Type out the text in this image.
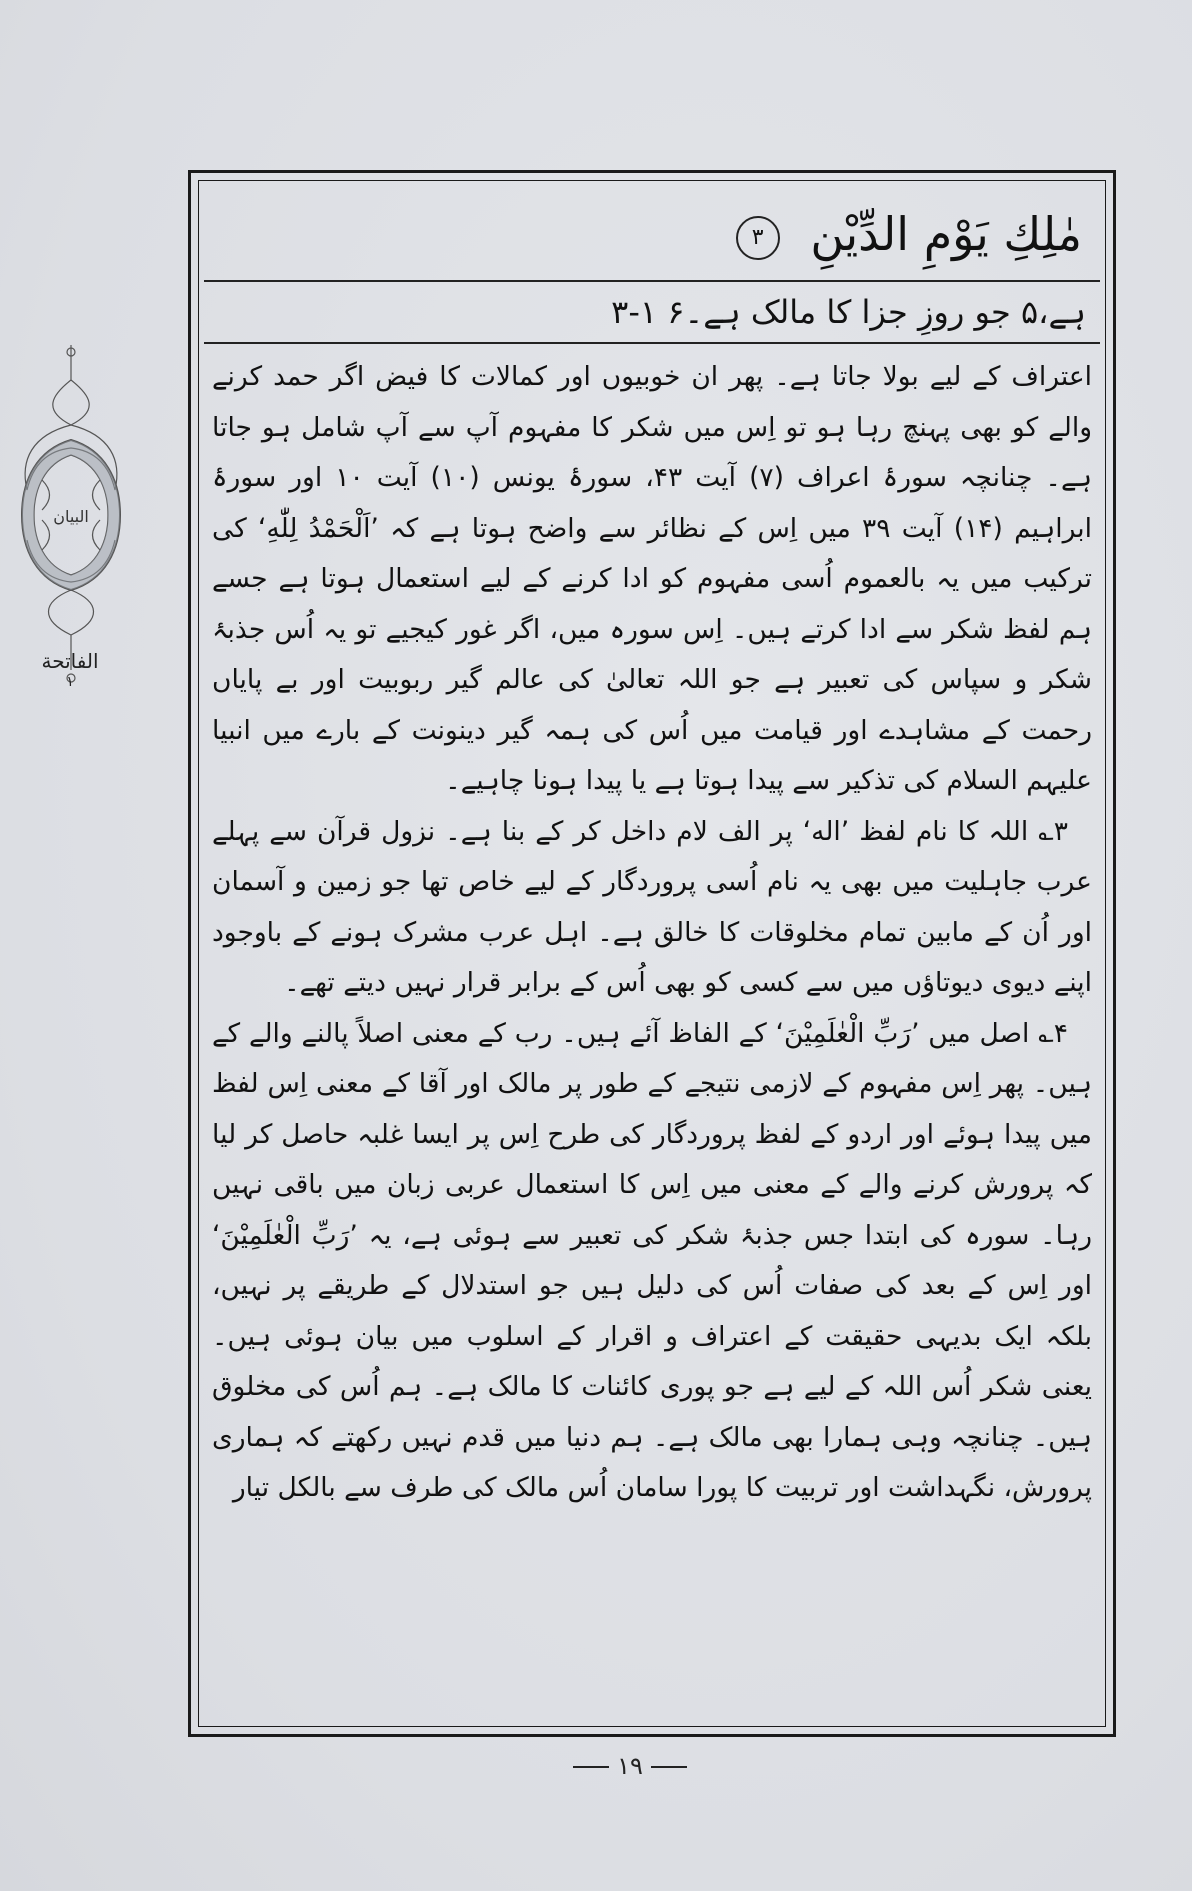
البیان
الفاتحة
١
مٰلِكِ يَوْمِ الدِّيْنِ ۳
ہے،۵ جو روزِ جزا کا مالک ہے۔۶ ۱-۳

اعتراف کے لیے بولا جاتا ہے۔ پھر ان خوبیوں اور کمالات کا فیض اگر حمد کرنے والے کو بھی پہنچ رہا ہو تو اِس میں شکر کا مفہوم آپ سے آپ شامل ہو جاتا ہے۔ چنانچہ سورۂ اعراف (۷) آیت ۴۳، سورۂ یونس (۱۰) آیت ۱۰ اور سورۂ ابراہیم (۱۴) آیت ۳۹ میں اِس کے نظائر سے واضح ہوتا ہے کہ ’اَلْحَمْدُ لِلّٰهِ‘ کی ترکیب میں یہ بالعموم اُسی مفہوم کو ادا کرنے کے لیے استعمال ہوتا ہے جسے ہم لفظ شکر سے ادا کرتے ہیں۔ اِس سورہ میں، اگر غور کیجیے تو یہ اُس جذبۂ شکر و سپاس کی تعبیر ہے جو اللہ تعالیٰ کی عالم گیر ربوبیت اور بے پایاں رحمت کے مشاہدے اور قیامت میں اُس کی ہمہ گیر دینونت کے بارے میں انبیا علیہم السلام کی تذکیر سے پیدا ہوتا ہے یا پیدا ہونا چاہیے۔

۳؎ اللہ کا نام لفظ ’اله‘ پر الف لام داخل کر کے بنا ہے۔ نزول قرآن سے پہلے عرب جاہلیت میں بھی یہ نام اُسی پروردگار کے لیے خاص تھا جو زمین و آسمان اور اُن کے مابین تمام مخلوقات کا خالق ہے۔ اہل عرب مشرک ہونے کے باوجود اپنے دیوی دیوتاؤں میں سے کسی کو بھی اُس کے برابر قرار نہیں دیتے تھے۔

۴؎ اصل میں ’رَبِّ الْعٰلَمِيْنَ‘ کے الفاظ آئے ہیں۔ رب کے معنی اصلاً پالنے والے کے ہیں۔ پھر اِس مفہوم کے لازمی نتیجے کے طور پر مالک اور آقا کے معنی اِس لفظ میں پیدا ہوئے اور اردو کے لفظ پروردگار کی طرح اِس پر ایسا غلبہ حاصل کر لیا کہ پرورش کرنے والے کے معنی میں اِس کا استعمال عربی زبان میں باقی نہیں رہا۔ سورہ کی ابتدا جس جذبۂ شکر کی تعبیر سے ہوئی ہے، یہ ’رَبِّ الْعٰلَمِيْنَ‘ اور اِس کے بعد کی صفات اُس کی دلیل ہیں جو استدلال کے طریقے پر نہیں، بلکہ ایک بدیہی حقیقت کے اعتراف و اقرار کے اسلوب میں بیان ہوئی ہیں۔ یعنی شکر اُس اللہ کے لیے ہے جو پوری کائنات کا مالک ہے۔ ہم اُس کی مخلوق ہیں۔ چنانچہ وہی ہمارا بھی مالک ہے۔ ہم دنیا میں قدم نہیں رکھتے کہ ہماری پرورش، نگہداشت اور تربیت کا پورا سامان اُس مالک کی طرف سے بالکل تیار

۱۹
